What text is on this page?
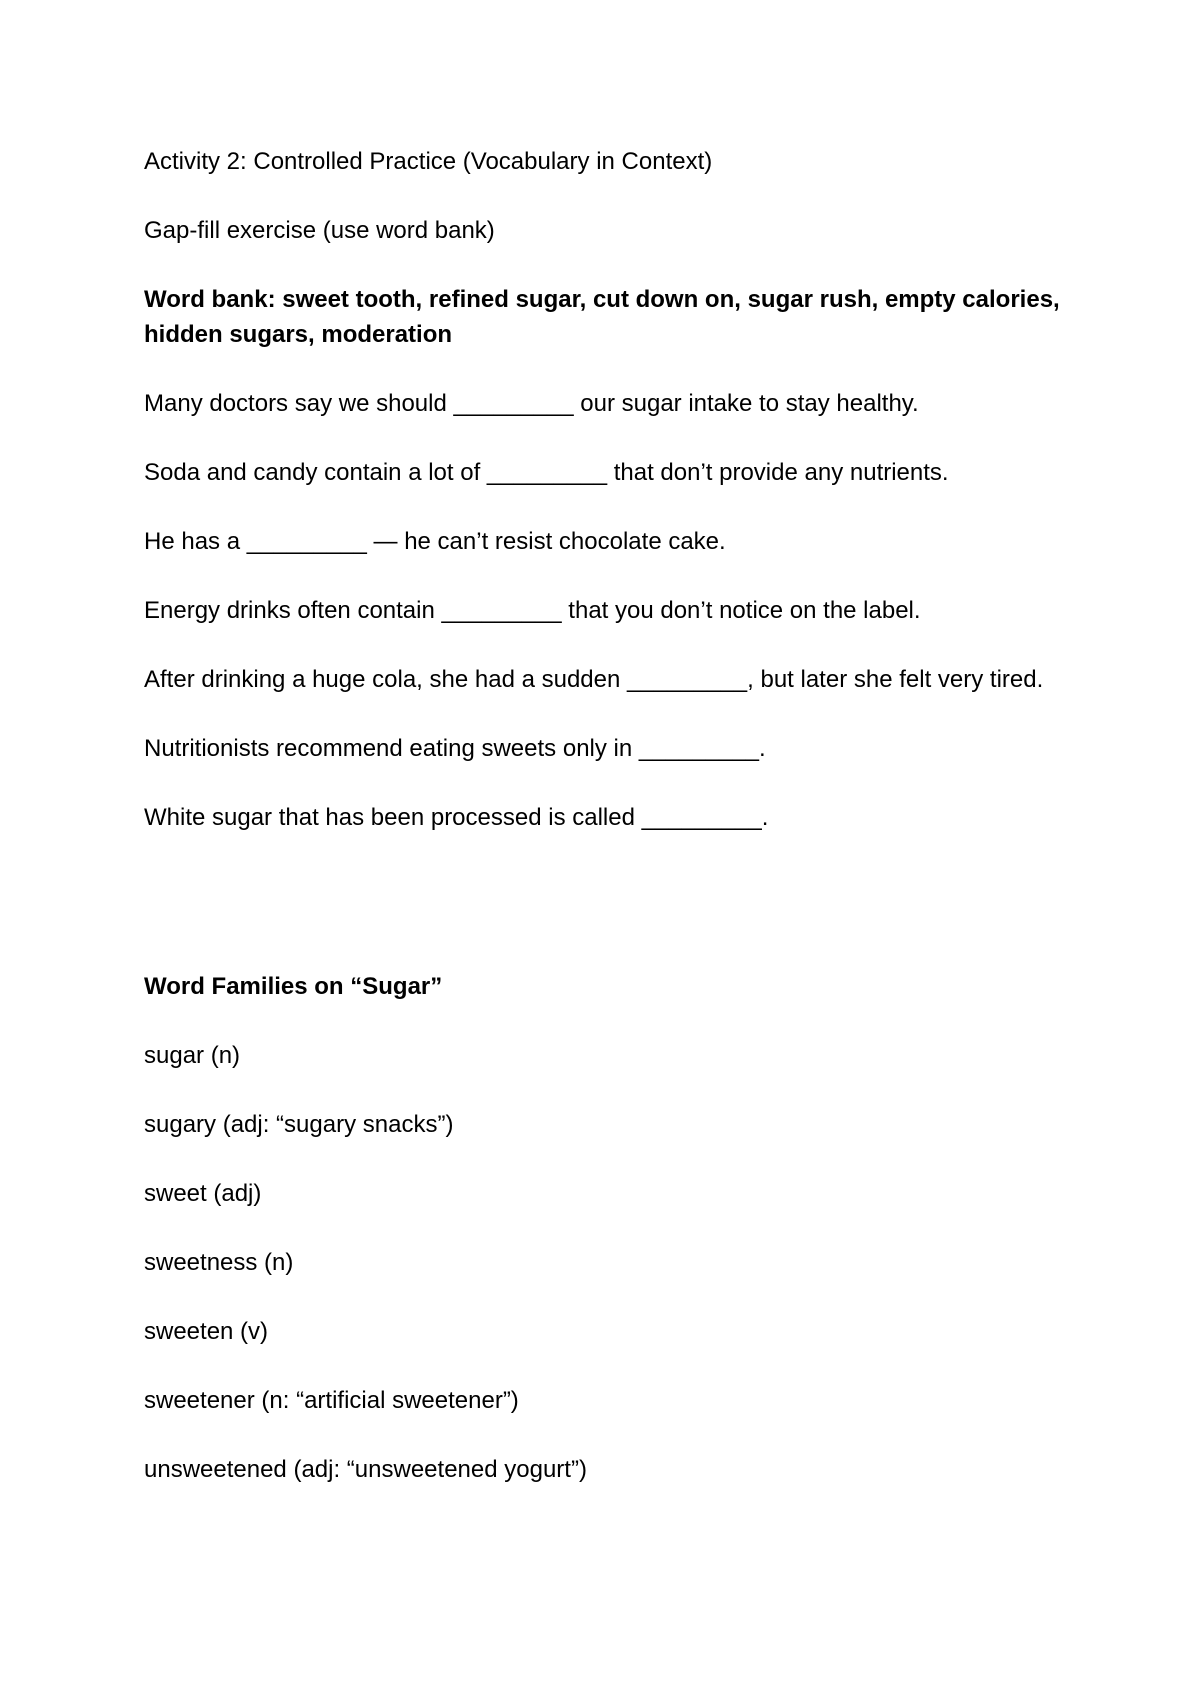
Activity 2: Controlled Practice (Vocabulary in Context)

Gap-fill exercise (use word bank)

Word bank: sweet tooth, refined sugar, cut down on, sugar rush, empty calories, hidden sugars, moderation

Many doctors say we should _________ our sugar intake to stay healthy.

Soda and candy contain a lot of _________ that don’t provide any nutrients.

He has a _________ — he can’t resist chocolate cake.

Energy drinks often contain _________ that you don’t notice on the label.

After drinking a huge cola, she had a sudden _________, but later she felt very tired.

Nutritionists recommend eating sweets only in _________.

White sugar that has been processed is called _________.

Word Families on “Sugar”

sugar (n)

sugary (adj: “sugary snacks”)

sweet (adj)

sweetness (n)

sweeten (v)

sweetener (n: “artificial sweetener”)

unsweetened (adj: “unsweetened yogurt”)
